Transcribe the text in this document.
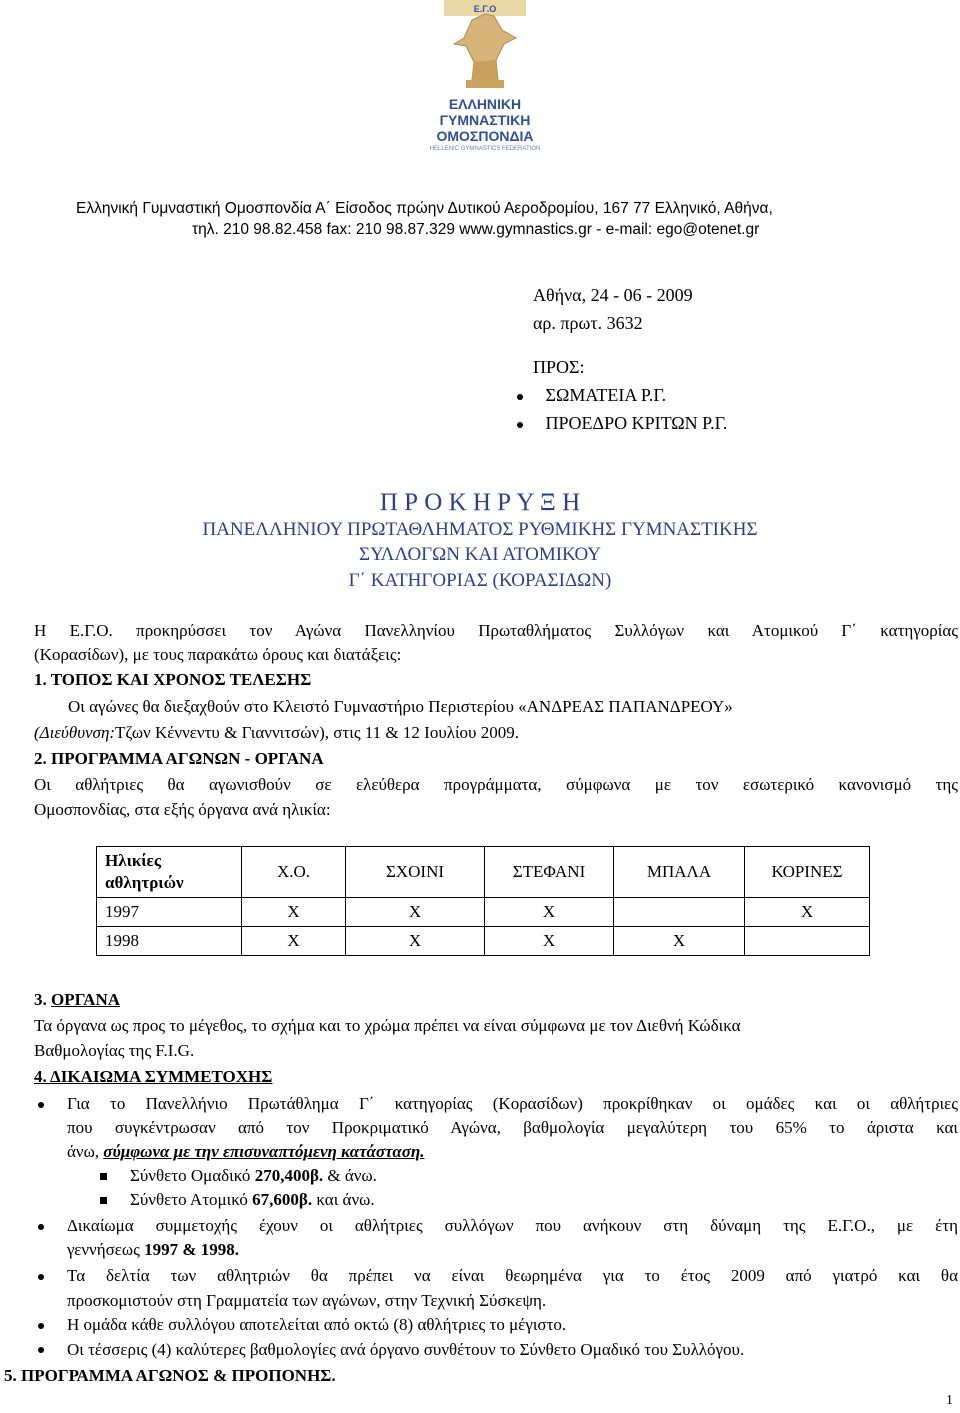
Ε.Γ.Ο
ΕΛΛΗΝΙΚΗ
ΓΥΜΝΑΣΤΙΚΗ
ΟΜΟΣΠΟΝΔΙΑ
HELLENIC GYMNASTICS FEDERATION
Ελληνική Γυμναστική Ομοσπονδία Α΄ Είσοδος πρώην Δυτικού Αεροδρομίου, 167 77 Ελληνικό, Αθήνα,
τηλ. 210 98.82.458 fax: 210 98.87.329 www.gymnastics.gr - e-mail: ego@otenet.gr
Αθήνα, 24 - 06 - 2009
αρ. πρωτ. 3632
ΠΡΟΣ:
ΣΩΜΑΤΕΙΑ Ρ.Γ.
ΠΡΟΕΔΡΟ ΚΡΙΤΩΝ Ρ.Γ.
Π Ρ Ο Κ Η Ρ Υ Ξ Η
ΠΑΝΕΛΛΗΝΙΟΥ ΠΡΩΤΑΘΛΗΜΑΤΟΣ ΡΥΘΜΙΚΗΣ ΓΥΜΝΑΣΤΙΚΗΣ
ΣΥΛΛΟΓΩΝ ΚΑΙ ΑΤΟΜΙΚΟΥ
Γ΄ ΚΑΤΗΓΟΡΙΑΣ (ΚΟΡΑΣΙΔΩΝ)
Η Ε.Γ.Ο. προκηρύσσει τον Αγώνα Πανελληνίου Πρωταθλήματος Συλλόγων και Ατομικού Γ΄ κατηγορίας
(Κορασίδων), με τους παρακάτω όρους και διατάξεις:
1. ΤΟΠΟΣ ΚΑΙ ΧΡΟΝΟΣ ΤΕΛΕΣΗΣ
Οι αγώνες θα διεξαχθούν στο Κλειστό Γυμναστήριο Περιστερίου «ΑΝΔΡΕΑΣ ΠΑΠΑΝΔΡΕΟΥ»
(Διεύθυνση:Τζων Κέννεντυ & Γιαννιτσών), στις 11 & 12 Ιουλίου 2009.
2. ΠΡΟΓΡΑΜΜΑ ΑΓΩΝΩΝ - ΟΡΓΑΝΑ
Οι αθλήτριες θα αγωνισθούν σε ελεύθερα προγράμματα, σύμφωνα με τον εσωτερικό κανονισμό της
Ομοσπονδίας, στα εξής όργανα ανά ηλικία:
Ηλικίες
αθλητριών	Χ.Ο.	ΣΧΟΙΝΙ	ΣΤΕΦΑΝΙ	ΜΠΑΛΑ	ΚΟΡΙΝΕΣ
1997	Χ	Χ	Χ		Χ
1998	Χ	Χ	Χ	Χ	
3. ΟΡΓΑΝΑ
Τα όργανα ως προς το μέγεθος, το σχήμα και το χρώμα πρέπει να είναι σύμφωνα με τον Διεθνή Κώδικα
Βαθμολογίας της F.I.G.
4. ΔΙΚΑΙΩΜΑ ΣΥΜΜΕΤΟΧΗΣ
Για το Πανελλήνιο Πρωτάθλημα Γ΄ κατηγορίας (Κορασίδων) προκρίθηκαν οι ομάδες και οι αθλήτριες
που συγκέντρωσαν από τον Προκριματικό Αγώνα, βαθμολογία μεγαλύτερη του 65% το άριστα και
άνω, σύμφωνα με την επισυναπτόμενη κατάσταση.
Σύνθετο Ομαδικό 270,400β. & άνω.
Σύνθετο Ατομικό 67,600β. και άνω.
Δικαίωμα συμμετοχής έχουν οι αθλήτριες συλλόγων που ανήκουν στη δύναμη της Ε.Γ.Ο., με έτη
γεννήσεως 1997 & 1998.
Τα δελτία των αθλητριών θα πρέπει να είναι θεωρημένα για το έτος 2009 από γιατρό και θα
προσκομιστούν στη Γραμματεία των αγώνων, στην Τεχνική Σύσκεψη.
Η ομάδα κάθε συλλόγου αποτελείται από οκτώ (8) αθλήτριες το μέγιστο.
Οι τέσσερις (4) καλύτερες βαθμολογίες ανά όργανο συνθέτουν το Σύνθετο Ομαδικό του Συλλόγου.
5. ΠΡΟΓΡΑΜΜΑ ΑΓΩΝΟΣ & ΠΡΟΠΟΝΗΣ.
1
